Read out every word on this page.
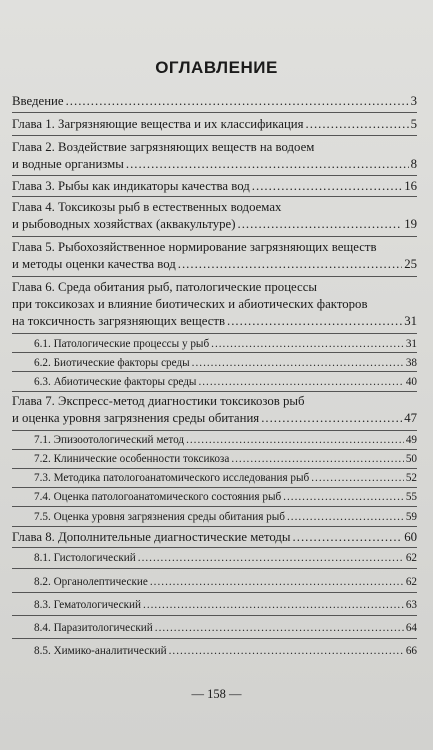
ОГЛАВЛЕНИЕ
Введение .....	3
Глава 1. Загрязняющие вещества и их классификация .....	5
Глава 2. Воздействие загрязняющих веществ на водоем
и водные организмы .....	8
Глава 3. Рыбы как индикаторы качества вод .....	16
Глава 4. Токсикозы рыб в естественных водоемах
и рыбоводных хозяйствах (аквакультуре) .....	19
Глава 5. Рыбохозяйственное нормирование загрязняющих веществ
и методы оценки качества вод .....	25
Глава 6. Среда обитания рыб, патологические процессы
при токсикозах и влияние биотических и абиотических факторов
на токсичность загрязняющих веществ .....	31
6.1. Патологические процессы у рыб .....	31
6.2. Биотические факторы среды .....	38
6.3. Абиотические факторы среды .....	40
Глава 7. Экспресс-метод диагностики токсикозов рыб
и оценка уровня загрязнения среды обитания .....	47
7.1. Эпизоотологический метод .....	49
7.2. Клинические особенности токсикоза .....	50
7.3. Методика патологоанатомического исследования рыб .....	52
7.4. Оценка патологоанатомического состояния рыб .....	55
7.5. Оценка уровня загрязнения среды обитания рыб .....	59
Глава 8. Дополнительные диагностические методы .....	60
8.1. Гистологический .....	62
8.2. Органолептические .....	62
8.3. Гематологический .....	63
8.4. Паразитологический .....	64
8.5. Химико-аналитический .....	66
— 158 —
